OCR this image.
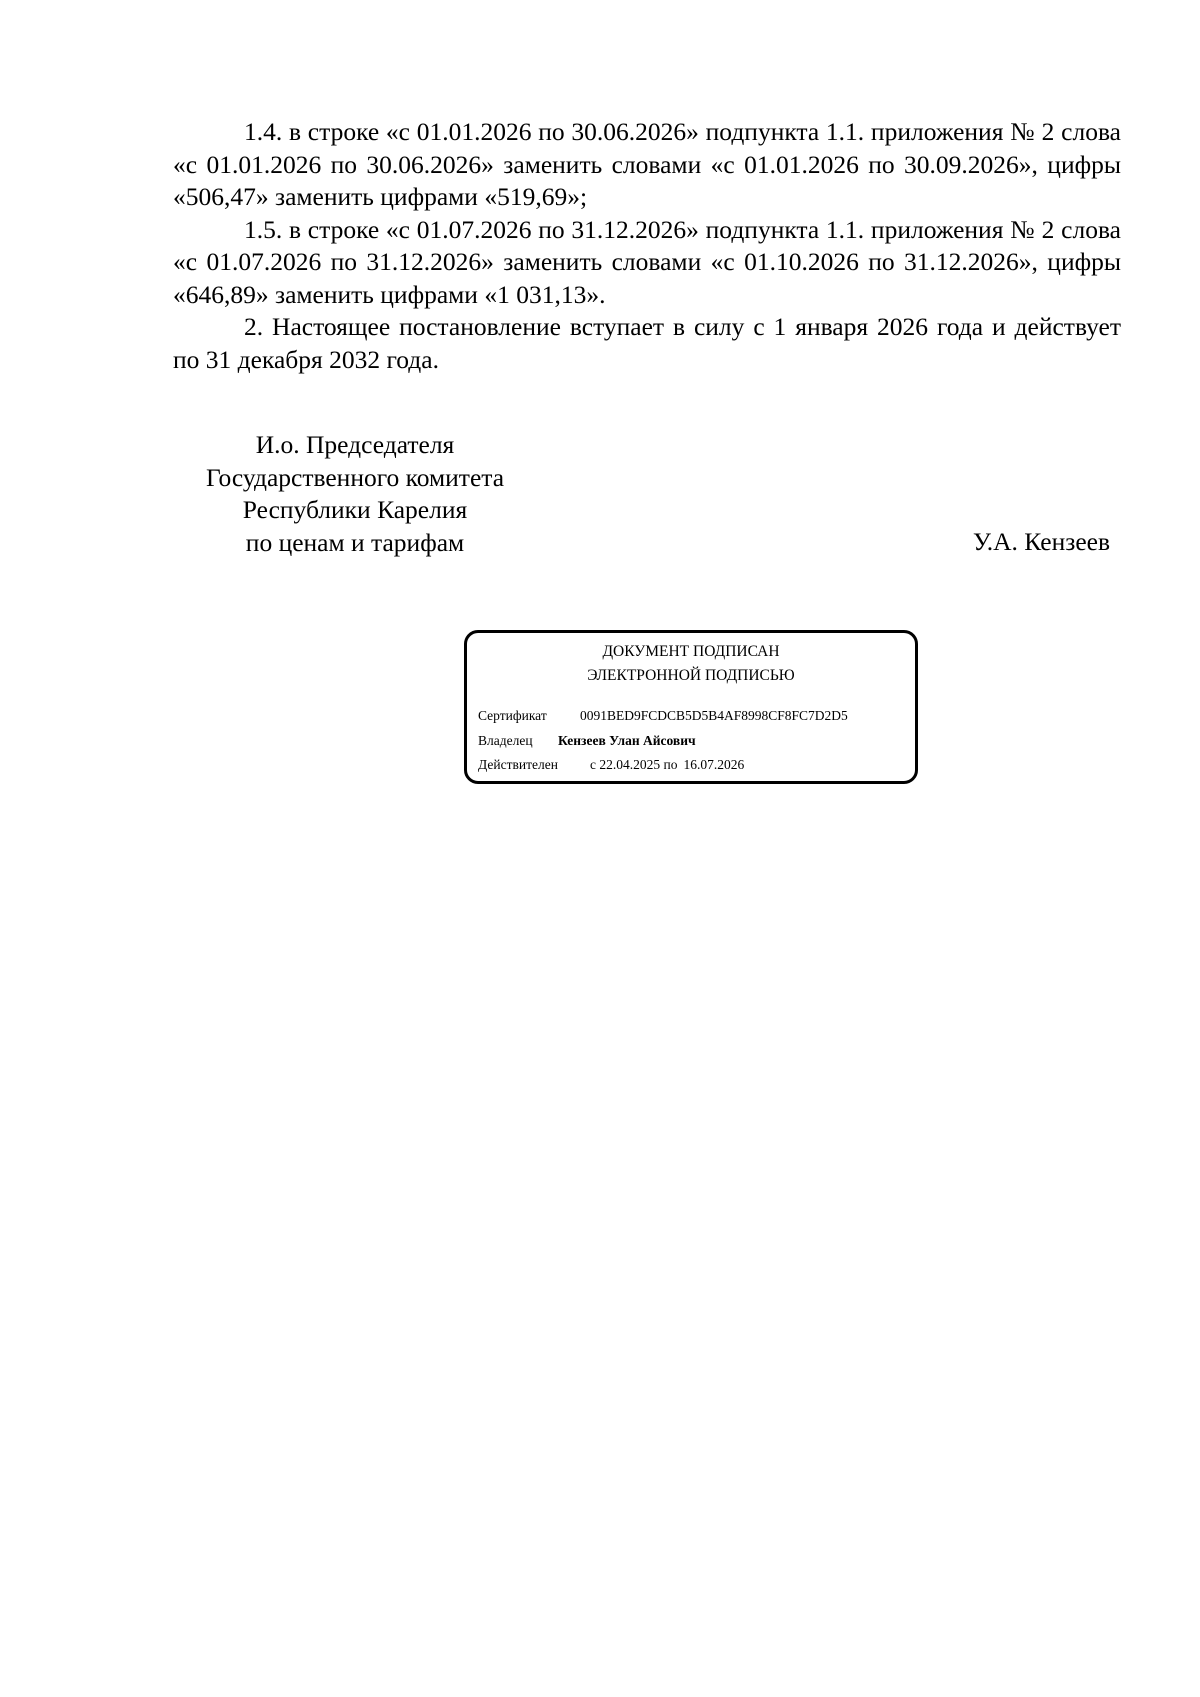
1.4. в строке «с 01.01.2026 по 30.06.2026» подпункта 1.1. приложения № 2 слова «с 01.01.2026 по 30.06.2026» заменить словами «с 01.01.2026 по 30.09.2026», цифры «506,47» заменить цифрами «519,69»;

1.5. в строке «с 01.07.2026 по 31.12.2026» подпункта 1.1. приложения № 2 слова «с 01.07.2026 по 31.12.2026» заменить словами «с 01.10.2026 по 31.12.2026», цифры «646,89» заменить цифрами «1 031,13».

2. Настоящее постановление вступает в силу с 1 января 2026 года и действует по 31 декабря 2032 года.

И.о. Председателя
Государственного комитета
Республики Карелия
по ценам и тарифам	У.А. Кензеев
ДОКУМЕНТ ПОДПИСАН
ЭЛЕКТРОННОЙ ПОДПИСЬЮ
Сертификат 0091BED9FCDCB5D5B4AF8998CF8FC7D2D5
Владелец Кензеев Улан Айсович
Действителен с 22.04.2025 по 16.07.2026
